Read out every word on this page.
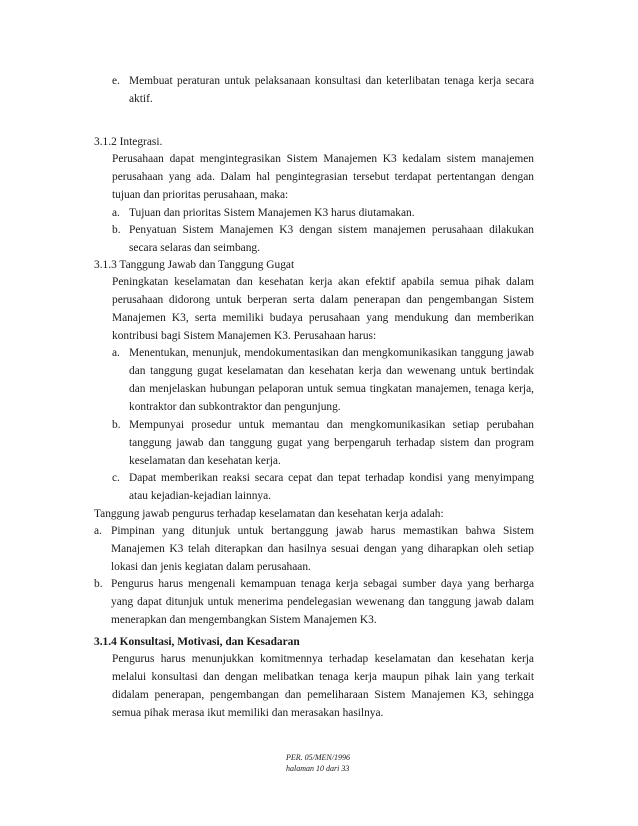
e. Membuat peraturan untuk pelaksanaan konsultasi dan keterlibatan tenaga kerja secara aktif.
3.1.2 Integrasi.
Perusahaan dapat mengintegrasikan Sistem Manajemen K3 kedalam sistem manajemen perusahaan yang ada. Dalam hal pengintegrasian tersebut terdapat pertentangan dengan tujuan dan prioritas perusahaan, maka:
a. Tujuan dan prioritas Sistem Manajemen K3 harus diutamakan.
b. Penyatuan Sistem Manajemen K3 dengan sistem manajemen perusahaan dilakukan secara selaras dan seimbang.
3.1.3 Tanggung Jawab dan Tanggung Gugat
Peningkatan keselamatan dan kesehatan kerja akan efektif apabila semua pihak dalam perusahaan didorong untuk berperan serta dalam penerapan dan pengembangan Sistem Manajemen K3, serta memiliki budaya perusahaan yang mendukung dan memberikan kontribusi bagi Sistem Manajemen K3. Perusahaan harus:
a. Menentukan, menunjuk, mendokumentasikan dan mengkomunikasikan tanggung jawab dan tanggung gugat keselamatan dan kesehatan kerja dan wewenang untuk bertindak dan menjelaskan hubungan pelaporan untuk semua tingkatan manajemen, tenaga kerja, kontraktor dan subkontraktor dan pengunjung.
b. Mempunyai prosedur untuk memantau dan mengkomunikasikan setiap perubahan tanggung jawab dan tanggung gugat yang berpengaruh terhadap sistem dan program keselamatan dan kesehatan kerja.
c. Dapat memberikan reaksi secara cepat dan tepat terhadap kondisi yang menyimpang atau kejadian-kejadian lainnya.
Tanggung jawab pengurus terhadap keselamatan dan kesehatan kerja adalah:
a. Pimpinan yang ditunjuk untuk bertanggung jawab harus memastikan bahwa Sistem Manajemen K3 telah diterapkan dan hasilnya sesuai dengan yang diharapkan oleh setiap lokasi dan jenis kegiatan dalam perusahaan.
b. Pengurus harus mengenali kemampuan tenaga kerja sebagai sumber daya yang berharga yang dapat ditunjuk untuk menerima pendelegasian wewenang dan tanggung jawab dalam menerapkan dan mengembangkan Sistem Manajemen K3.
3.1.4 Konsultasi, Motivasi, dan Kesadaran
Pengurus harus menunjukkan komitmennya terhadap keselamatan dan kesehatan kerja melalui konsultasi dan dengan melibatkan tenaga kerja maupun pihak lain yang terkait didalam penerapan, pengembangan dan pemeliharaan Sistem Manajemen K3, sehingga semua pihak merasa ikut memiliki dan merasakan hasilnya.
PER. 05/MEN/1996
halaman 10 dari 33
